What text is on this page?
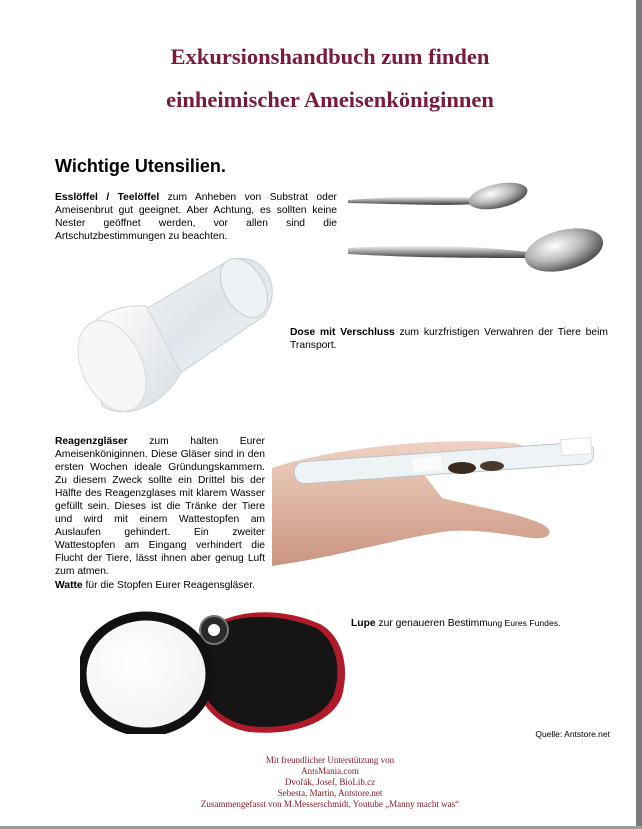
Exkursionshandbuch zum finden
einheimischer Ameisenköniginnen
Wichtige Utensilien.
Esslöffel / Teelöffel zum Anheben von Substrat oder Ameisenbrut gut geeignet. Aber Achtung, es sollten keine Nester geöffnet werden, vor allen sind die Artschutzbestimmungen zu beachten.
Dose mit Verschluss zum kurzfristigen Verwahren der Tiere beim Transport.
Reagenzgläser zum halten Eurer Ameisenköniginnen. Diese Gläser sind in den ersten Wochen ideale Gründungskammern. Zu diesem Zweck sollte ein Drittel bis der Hälfte des Reagenzglases mit klarem Wasser gefüllt sein. Dieses ist die Tränke der Tiere und wird mit einem Wattestopfen am Auslaufen gehindert. Ein zweiter Wattestopfen am Eingang verhindert die Flucht der Tiere, lässt ihnen aber genug Luft zum atmen.
Watte für die Stopfen Eurer Reagensgläser.
Lupe zur genaueren Bestimmung Eures Fundes.
Quelle: Antstore.net
Mit freundlicher Unterstützung von
AntsMania.com
Dvořák, Josef, BioLib.cz
Sebesta, Martin, Antstore.net
Zusammengefasst von M.Messerschmidt, Youtube „Manny macht was“
